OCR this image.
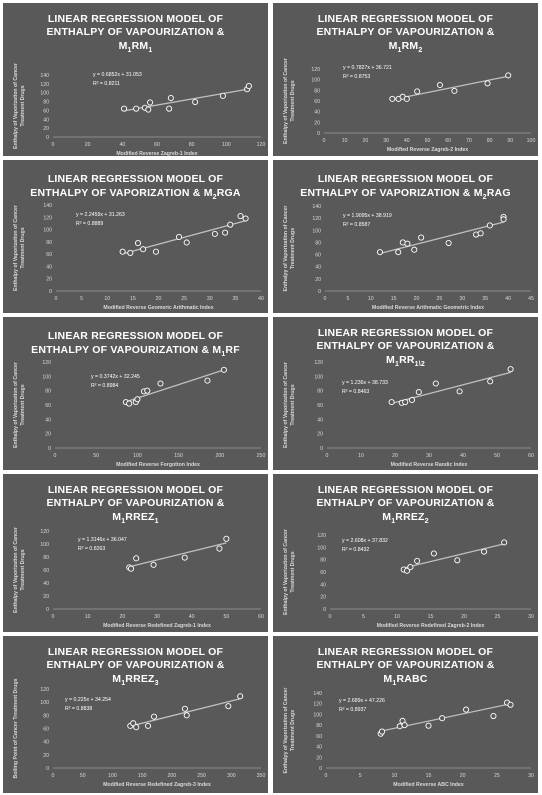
LINEAR REGRESSION MODEL OF
ENTHALPY OF VAPOURIZATION &
$M_1RM_1$
0	20	40	60	80	100	120
0
20
40
60
80
100
120
140	y = 0.6852x + 31.053
R² = 0.8211
Modified Reverse Zagreb-1 Index
Enthalpy of Vaporization of Cancer Treatment Drugs
LINEAR REGRESSION MODEL OF
ENTHALPY OF VAPOURIZATION &
$M_1RM_2$
0	10	20	30	40	50	60	70	80	90	100
0
20
40
60
80
100
120	y = 0.7827x + 36.721
R² = 0.8753
Modified Reverse Zagreb-2 Index
Enthalpy of Vaporization of Cancer Treatment Drugs
LINEAR REGRESSION MODEL OF
ENTHALPY OF VAPORIZATION & $M_2RGA$
0	5	10	15	20	25	30	35	40
0
20
40
60
80
100
120
140
y = 2.2459x + 31.263
R² = 0.8889
Modified Reverse Geomeric Arithmatic Index
Enthalpy of Vaporization of Cancer Treatment Drugs
LINEAR REGRESSION MODEL OF
ENTHALPY OF VAPORIZATION & $M_2RAG$
0	5	10	15	20	25	30	35	40	45
0
20
40
60
80
100
120
140
y = 1.9095x + 38.919
R² = 0.8587
Modified Reverse Arithmatic Geometric Index
Enthalpy of Vaporization of Cancer Treatment Drugs
LINEAR REGRESSION MODEL OF
ENTHALPY OF VAPOURIZATION & $M_1RF$
0	50	100	150	200	250
0
20
40
60
80
100
120
y = 0.3742x + 32.245
R² = 0.8984
Modified Reverse Forgotton Index
Enthalpy of Vaporization of Cancer Treatment Drugs
LINEAR REGRESSION MODEL OF
ENTHALPY OF VAPOURIZATION &
$M_1RR_{1\backslash 2}$
0	10	20	30	40	50	60
0
20
40
60
80
100
120
y = 1.236x + 38.733
R² = 0.8463
Modified Reverse Randic Index
Enthalpy of Vaporization of Cancer Treatment Drugs
LINEAR REGRESSION MODEL OF
ENTHALPY OF VAPOURIZATION &
$M_1RREZ_1$
0	10	20	30	40	50	60
0
20
40
60
80
100
120
y = 1.3146x + 36.047
R² = 0.8263
Modified Reverse Redefined Zagreb-1 Index
Enthalpy of Vaporization of Cancer Treatment Drugs
LINEAR REGRESSION MODEL OF
ENTHALPY OF VAPOURIZATION &
$M_1RREZ_2$
0	5	10	15	20	25	30
0
20
40
60
80
100
120
y = 2.608x + 37.832
R² = 0.8432
Modified Reverse Redefined Zagreb-2 Index
Enthalpy of Vaporization of Cancer Treatment Drugs
LINEAR REGRESSION MODEL OF
ENTHALPY OF VAPOURIZATION &
$M_1RREZ_3$
0	50	100	150	200	250	300	350
0
20
40
60
80
100
120
y = 0.225x + 34.254
R² = 0.8838
Modified Reverse Redefined Zagreb-3 Index
Boiling Point of Cancer Treatment Drugs
LINEAR REGRESSION MODEL OF
ENTHALPY OF VAPOURIZATION &
$M_1RABC$
0	5	10	15	20	25	30
0
20
40
60
80
100
120
140
y = 2.689x + 47.226
R² = 0.8937
Modified Reverse ABC Index
Enthalpy of Vaporization of Cancer Treatment Drugs
